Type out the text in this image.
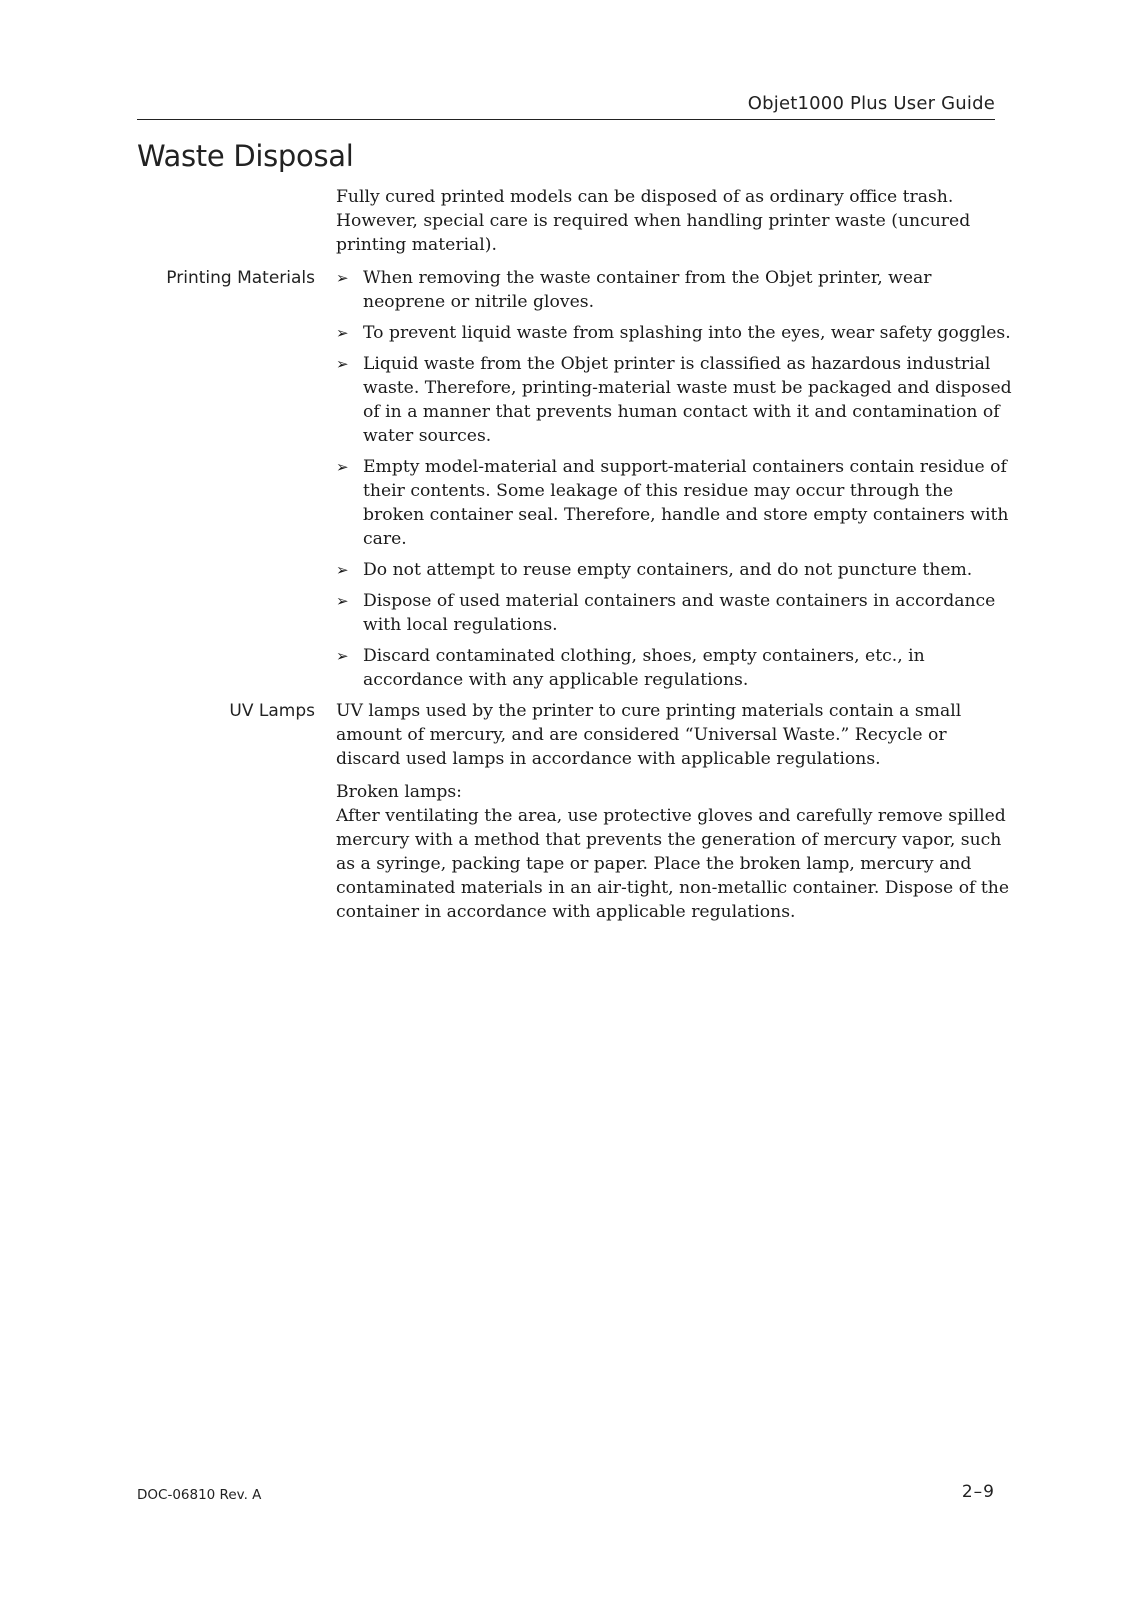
Objet1000 Plus User Guide
Waste Disposal

Fully cured printed models can be disposed of as ordinary office trash. However, special care is required when handling printer waste (uncured printing material).

Printing Materials ➢ When removing the waste container from the Objet printer, wear neoprene or nitrile gloves.
➢ To prevent liquid waste from splashing into the eyes, wear safety goggles.
➢ Liquid waste from the Objet printer is classified as hazardous industrial waste. Therefore, printing-material waste must be packaged and disposed of in a manner that prevents human contact with it and contamination of water sources.
➢ Empty model-material and support-material containers contain residue of their contents. Some leakage of this residue may occur through the broken container seal. Therefore, handle and store empty containers with care.
➢ Do not attempt to reuse empty containers, and do not puncture them.
➢ Dispose of used material containers and waste containers in accordance with local regulations.
➢ Discard contaminated clothing, shoes, empty containers, etc., in accordance with any applicable regulations.
UV Lamps UV lamps used by the printer to cure printing materials contain a small amount of mercury, and are considered “Universal Waste.” Recycle or discard used lamps in accordance with applicable regulations.

Broken lamps:

After ventilating the area, use protective gloves and carefully remove spilled mercury with a method that prevents the generation of mercury vapor, such as a syringe, packing tape or paper. Place the broken lamp, mercury and contaminated materials in an air-tight, non-metallic container. Dispose of the container in accordance with applicable regulations.

DOC-06810 Rev. A	2–9
